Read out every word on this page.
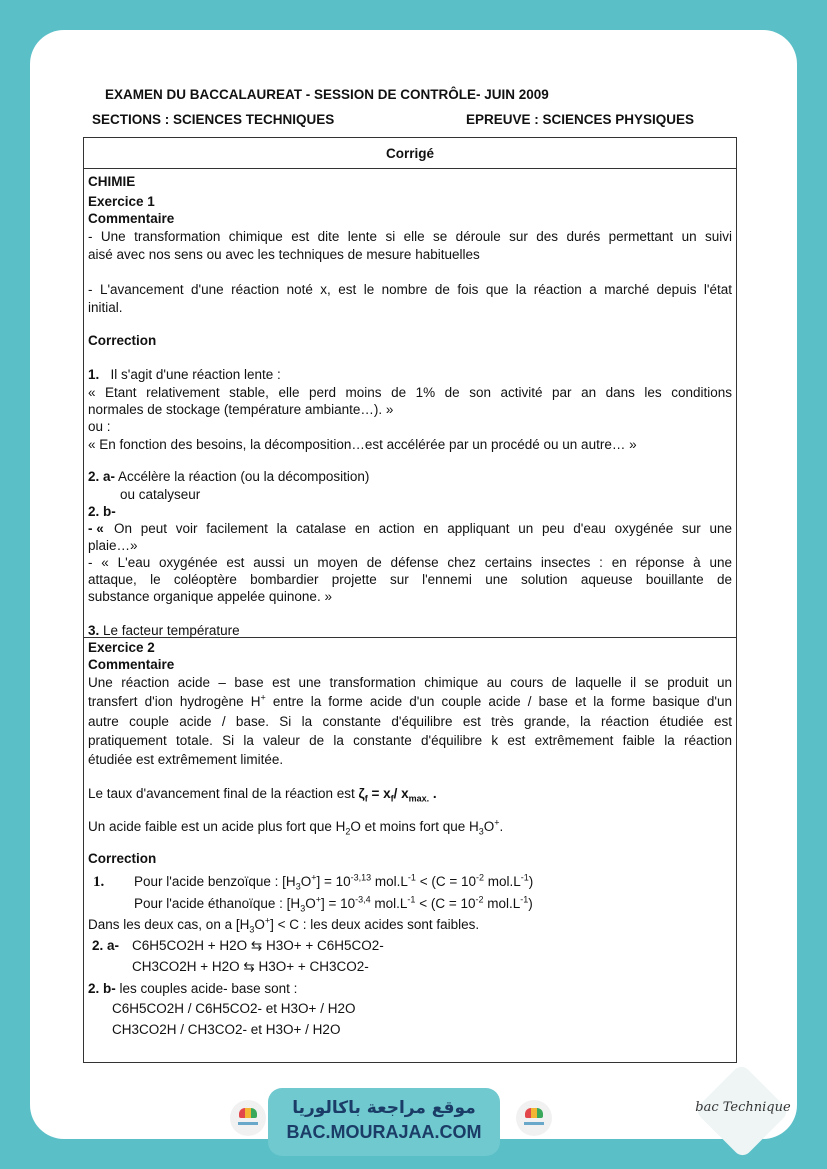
EXAMEN DU BACCALAUREAT - SESSION DE CONTRÔLE- JUIN 2009
SECTIONS : SCIENCES TECHNIQUES	EPREUVE : SCIENCES PHYSIQUES
Corrigé
CHIMIE
Exercice 1
Commentaire
- Une transformation chimique est dite lente si elle se déroule sur des durés permettant un suivi
aisé avec nos sens ou avec les techniques de mesure habituelles
- L'avancement d'une réaction noté x, est le nombre de fois que la réaction a marché depuis l'état
initial.
Correction
1. Il s'agit d'une réaction lente :
« Etant relativement stable, elle perd moins de 1% de son activité par an dans les conditions
normales de stockage (température ambiante…). »
ou :
« En fonction des besoins, la décomposition…est accélérée par un procédé ou un autre… »
2. a- Accélère la réaction (ou la décomposition)
ou catalyseur
2. b-
- « On peut voir facilement la catalase en action en appliquant un peu d'eau oxygénée sur une
plaie…»
- « L'eau oxygénée est aussi un moyen de défense chez certains insectes : en réponse à une
attaque, le coléoptère bombardier projette sur l'ennemi une solution aqueuse bouillante de
substance organique appelée quinone. »
3. Le facteur température
Exercice 2
Commentaire
Une réaction acide – base est une transformation chimique au cours de laquelle il se produit un
transfert d'ion hydrogène H+ entre la forme acide d'un couple acide / base et la forme basique d'un
autre couple acide / base. Si la constante d'équilibre est très grande, la réaction étudiée est
pratiquement totale. Si la valeur de la constante d'équilibre k est extrêmement faible la réaction
étudiée est extrêmement limitée.
Le taux d'avancement final de la réaction est $\zeta_f = x_f/$ $x_{max.}$ .
Un acide faible est un acide plus fort que $H_2O$ et moins fort que $H_3O^+$.
Correction
1.	Pour l'acide benzoïque : $[H_3O^+] = 10^{-3,13}$ $mol.L^{-1} < (C = 10^{-2}$ $mol.L^{-1}$)
Pour l'acide éthanoïque : $[H_3O^+] = 10^{-3,4}$ $mol.L^{-1} < (C = 10^{-2}$ $mol.L^{-1}$)
Dans les deux cas, on a $[H_3O^+] < C$ : les deux acides sont faibles.
2. a- C6H5CO2H + H2O ⇆ H3O+ + C6H5CO2-
CH3CO2H + H2O ⇆ H3O+ + CH3CO2-
2. b- les couples acide- base sont :
C6H5CO2H / C6H5CO2- et H3O+ / H2O
CH3CO2H / CH3CO2- et H3O+ / H2O
موقع مراجعة باكالوريا
BAC.MOURAJAA.COM
bac Technique
